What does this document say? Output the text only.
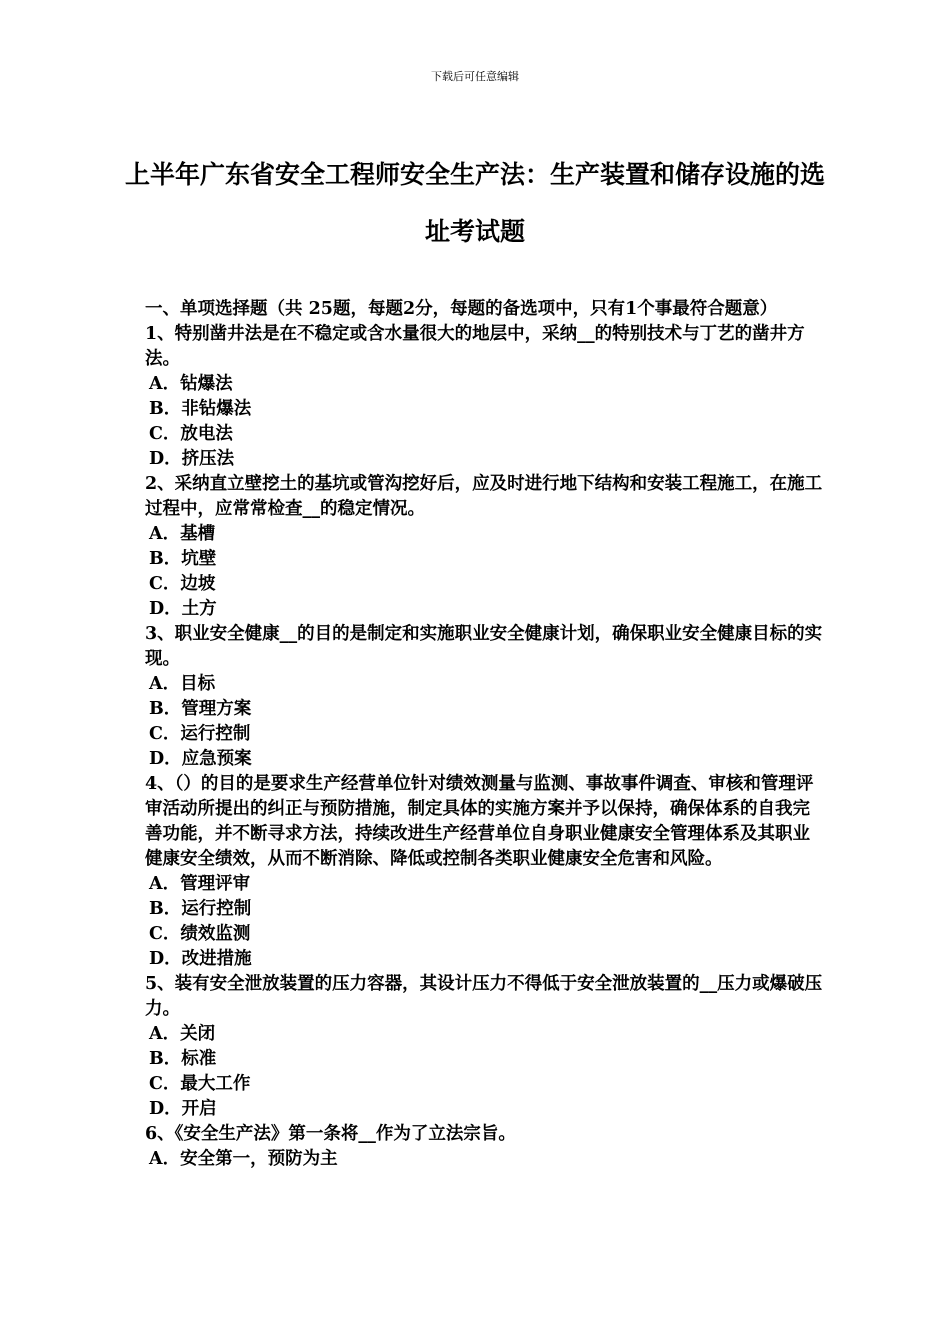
下载后可任意编辑
上半年广东省安全工程师安全生产法：生产装置和储存设施的选址考试题

一、单项选择题（共 25题，每题2分，每题的备选项中，只有1个事最符合题意）

1、特别凿井法是在不稳定或含水量很大的地层中，采纳__的特别技术与丁艺的凿井方法。

A．钻爆法

B．非钻爆法

C．放电法

D．挤压法

2、采纳直立壁挖土的基坑或管沟挖好后，应及时进行地下结构和安装工程施工，在施工过程中，应常常检查__的稳定情况。

A．基槽

B．坑壁

C．边坡

D．土方

3、职业安全健康__的目的是制定和实施职业安全健康计划，确保职业安全健康目标的实现。

A．目标

B．管理方案

C．运行控制

D．应急预案

4、（）的目的是要求生产经营单位针对绩效测量与监测、事故事件调查、审核和管理评审活动所提出的纠正与预防措施，制定具体的实施方案并予以保持，确保体系的自我完善功能，并不断寻求方法，持续改进生产经营单位自身职业健康安全管理体系及其职业健康安全绩效，从而不断消除、降低或控制各类职业健康安全危害和风险。

A．管理评审

B．运行控制

C．绩效监测

D．改进措施

5、装有安全泄放装置的压力容器，其设计压力不得低于安全泄放装置的__压力或爆破压力。

A．关闭

B．标准

C．最大工作

D．开启

6、《安全生产法》第一条将__作为了立法宗旨。

A．安全第一，预防为主
